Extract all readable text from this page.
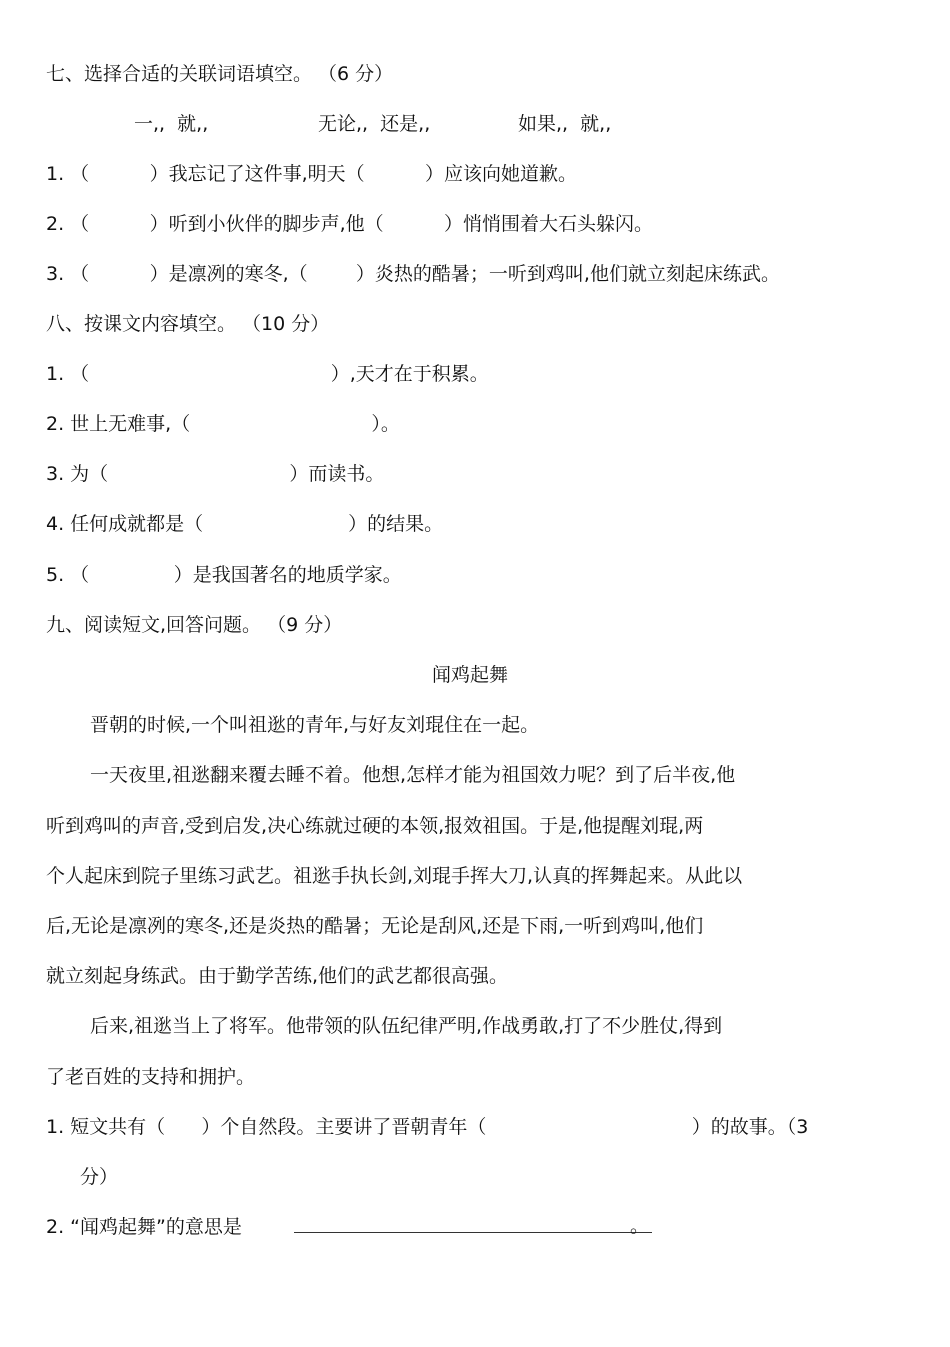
七、选择合适的关联词语填空。 （6 分）
一,,  就,,	无论,,  还是,,	如果,,  就,,
1. （          ）我忘记了这件事,明天（          ）应该向她道歉。
2. （          ）听到小伙伴的脚步声,他（          ）悄悄围着大石头躲闪。
3. （          ）是凛冽的寒冬,（        ）炎热的酷暑；一听到鸡叫,他们就立刻起床练武。
八、按课文内容填空。 （10 分）
1. （                                        ）,天才在于积累。
2. 世上无难事,（                              ）。
3. 为（                              ）而读书。
4. 任何成就都是（                        ）的结果。
5. （              ）是我国著名的地质学家。
九、阅读短文,回答问题。 （9 分）
闻鸡起舞
晋朝的时候,一个叫祖逖的青年,与好友刘琨住在一起。
一天夜里,祖逖翻来覆去睡不着。他想,怎样才能为祖国效力呢？到了后半夜,他
听到鸡叫的声音,受到启发,决心练就过硬的本领,报效祖国。于是,他提醒刘琨,两
个人起床到院子里练习武艺。祖逖手执长剑,刘琨手挥大刀,认真的挥舞起来。从此以
后,无论是凛冽的寒冬,还是炎热的酷暑；无论是刮风,还是下雨,一听到鸡叫,他们
就立刻起身练武。由于勤学苦练,他们的武艺都很高强。
后来,祖逖当上了将军。他带领的队伍纪律严明,作战勇敢,打了不少胜仗,得到
了老百姓的支持和拥护。
1. 短文共有（      ）个自然段。主要讲了晋朝青年（                                  ）的故事。（3
分）
2. “闻鸡起舞”的意思是	。
